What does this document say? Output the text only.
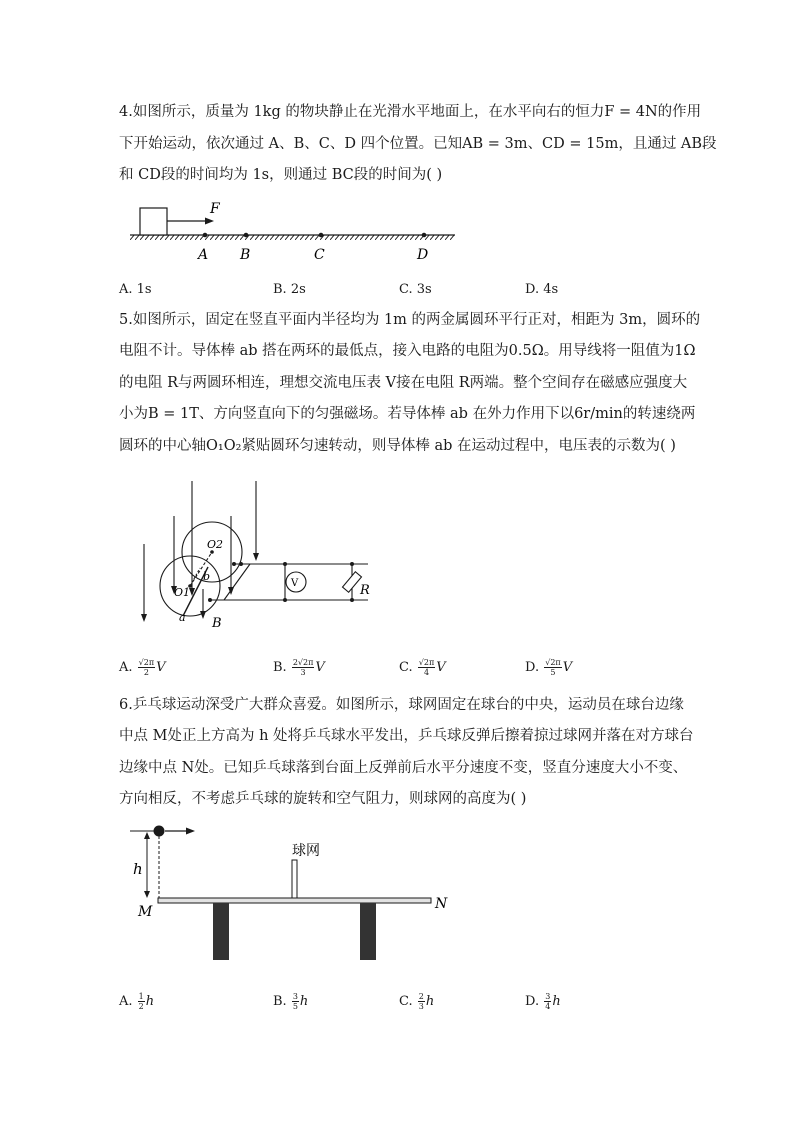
4.如图所示，质量为 1kg 的物块静止在光滑水平地面上，在水平向右的恒力F = 4N的作用
下开始运动，依次通过 A、B、C、D 四个位置。已知AB = 3m、CD = 15m，且通过 AB段
和 CD段的时间均为 1s，则通过 BC段的时间为( )
F
A B	C	D
A. 1s	B. 2s	C. 3s	D. 4s
5.如图所示，固定在竖直平面内半径均为 1m 的两金属圆环平行正对，相距为 3m，圆环的
电阻不计。导体棒 ab 搭在两环的最低点，接入电路的电阻为0.5Ω。用导线将一阻值为1Ω
的电阻 R与两圆环相连，理想交流电压表 V接在电阻 R两端。整个空间存在磁感应强度大
小为B = 1T、方向竖直向下的匀强磁场。若导体棒 ab 在外力作用下以6r/min的转速绕两
圆环的中心轴O₁O₂紧贴圆环匀速转动，则导体棒 ab 在运动过程中，电压表的示数为( )
O2
O1
b
a B
V	R
A. $\frac{√2\pi}{2}$ V	B. $\frac{2√2\pi}{3}$ V	C. $\frac{√2\pi}{4}$ V	D. $\frac{√2\pi}{5}$ V
6.乒乓球运动深受广大群众喜爱。如图所示，球网固定在球台的中央，运动员在球台边缘
中点 M处正上方高为 h 处将乒乓球水平发出，乒乓球反弹后擦着掠过球网并落在对方球台
边缘中点 N处。已知乒乓球落到台面上反弹前后水平分速度不变，竖直分速度大小不变、
方向相反，不考虑乒乓球的旋转和空气阻力，则球网的高度为( )
h
球网
M	N
A. $\frac{1}{2}$ h	B. $\frac{3}{5}$ h	C. $\frac{2}{3}$ h	D. $\frac{3}{4}$ h
